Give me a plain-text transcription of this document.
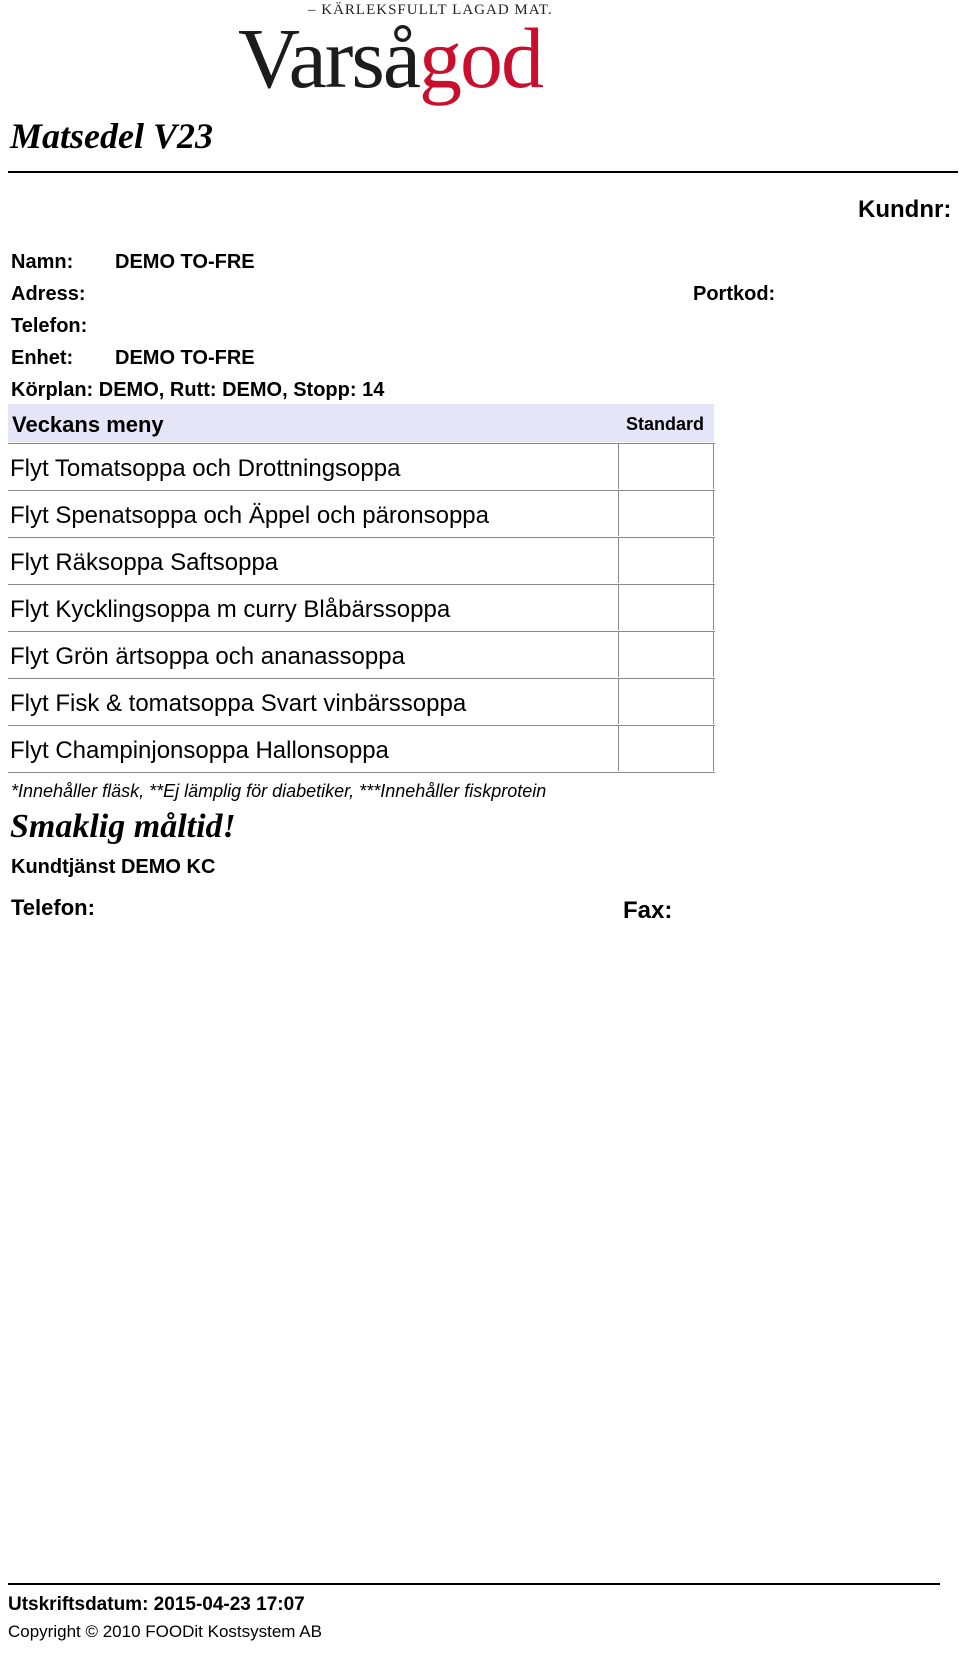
– KÄRLEKSFULLT LAGAD MAT.
Varsågod
Matsedel V23
Kundnr:
Namn: DEMO TO-FRE
Adress:	Portkod:
Telefon:
Enhet: DEMO TO-FRE
Körplan: DEMO, Rutt: DEMO, Stopp: 14
Veckans meny	Standard
Flyt Tomatsoppa och Drottningsoppa
Flyt Spenatsoppa och Äppel och päronsoppa
Flyt Räksoppa Saftsoppa
Flyt Kycklingsoppa m curry Blåbärssoppa
Flyt Grön ärtsoppa och ananassoppa
Flyt Fisk & tomatsoppa Svart vinbärssoppa
Flyt Champinjonsoppa Hallonsoppa
*Innehåller fläsk, **Ej lämplig för diabetiker, ***Innehåller fiskprotein
Smaklig måltid!
Kundtjänst DEMO KC
Telefon:	Fax:
Utskriftsdatum: 2015-04-23 17:07
Copyright © 2010 FOODit Kostsystem AB
